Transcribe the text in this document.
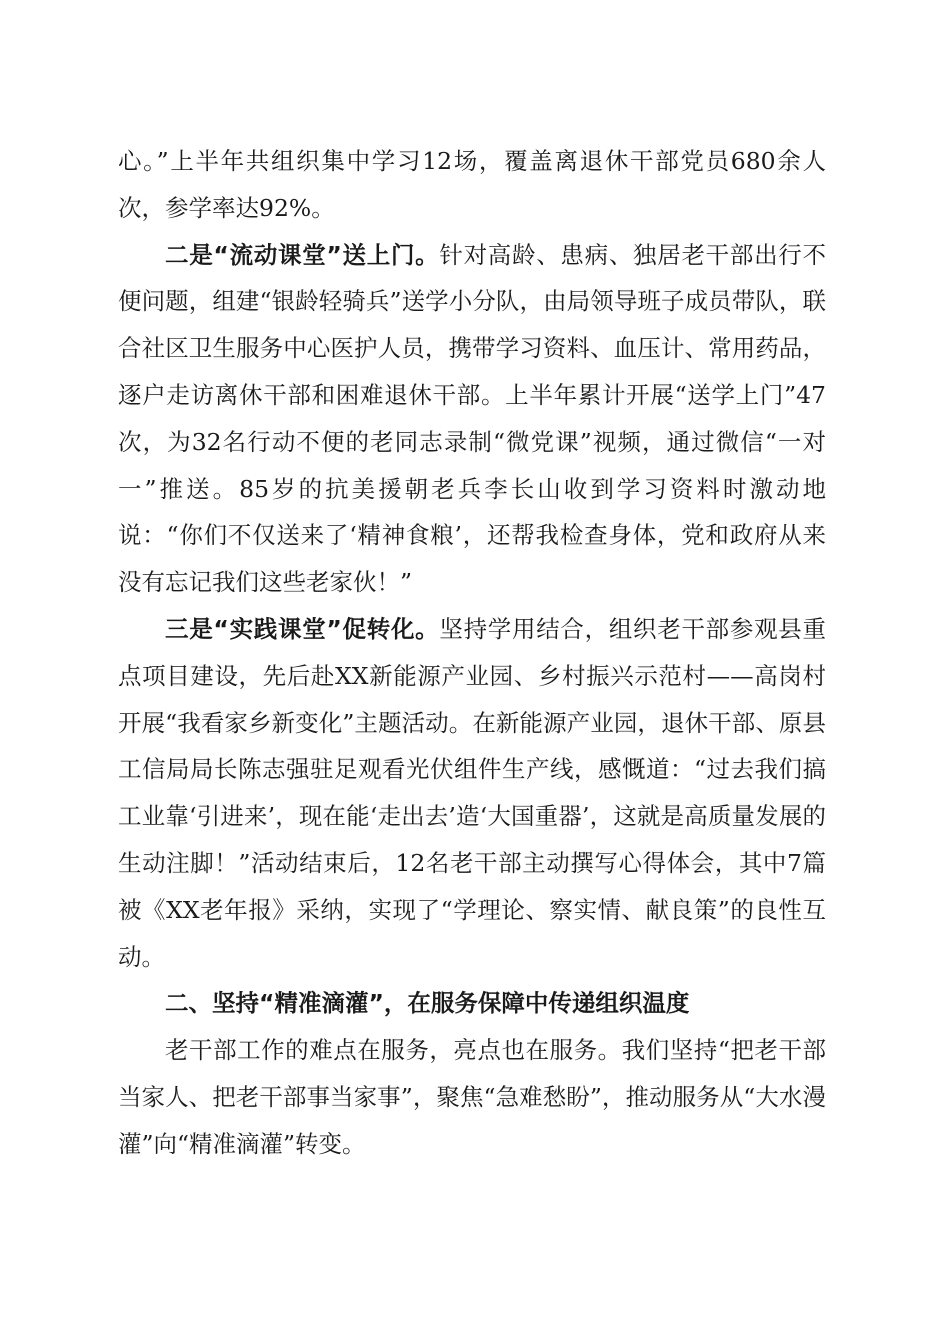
心。”上半年共组织集中学习12场，覆盖离退休干部党员680余人次，参学率达92%。

二是“流动课堂”送上门。针对高龄、患病、独居老干部出行不便问题，组建“银龄轻骑兵”送学小分队，由局领导班子成员带队，联合社区卫生服务中心医护人员，携带学习资料、血压计、常用药品，逐户走访离休干部和困难退休干部。上半年累计开展“送学上门”47次，为32名行动不便的老同志录制“微党课”视频，通过微信“一对一”推送。85岁的抗美援朝老兵李长山收到学习资料时激动地说：“你们不仅送来了‘精神食粮’，还帮我检查身体，党和政府从来没有忘记我们这些老家伙！”

三是“实践课堂”促转化。坚持学用结合，组织老干部参观县重点项目建设，先后赴XX新能源产业园、乡村振兴示范村——高岗村开展“我看家乡新变化”主题活动。在新能源产业园，退休干部、原县工信局局长陈志强驻足观看光伏组件生产线，感慨道：“过去我们搞工业靠‘引进来’，现在能‘走出去’造‘大国重器’，这就是高质量发展的生动注脚！”活动结束后，12名老干部主动撰写心得体会，其中7篇被《XX老年报》采纳，实现了“学理论、察实情、献良策”的良性互动。

二、坚持“精准滴灌”，在服务保障中传递组织温度

老干部工作的难点在服务，亮点也在服务。我们坚持“把老干部当家人、把老干部事当家事”，聚焦“急难愁盼”，推动服务从“大水漫灌”向“精准滴灌”转变。
